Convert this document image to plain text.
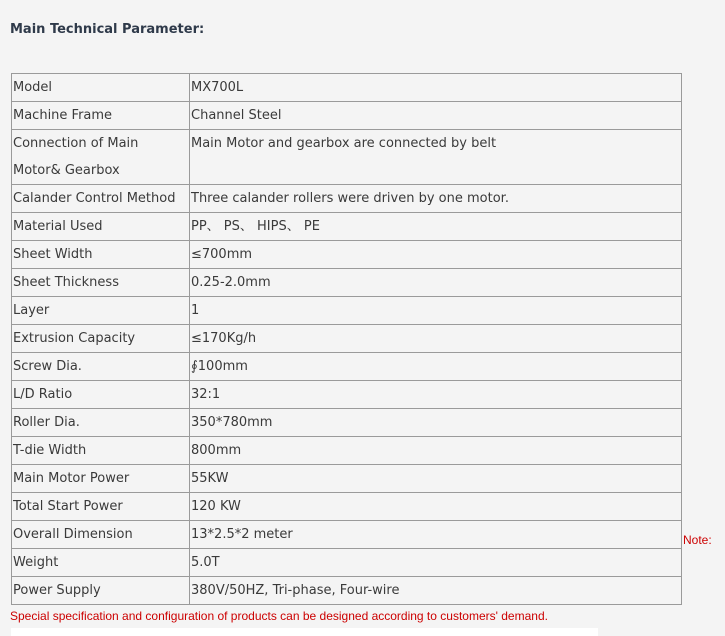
Main Technical Parameter:
Model	MX700L
Machine Frame	Channel Steel
Connection of Main Motor& Gearbox	Main Motor and gearbox are connected by belt
Calander Control Method	Three calander rollers were driven by one motor.
Material Used	PP、 PS、 HIPS、 PE
Sheet Width	≤700mm
Sheet Thickness	0.25-2.0mm
Layer	1
Extrusion Capacity	≤170Kg/h
Screw Dia.	∮100mm
L/D Ratio	32:1
Roller Dia.	350*780mm
T-die Width	800mm
Main Motor Power	55KW
Total Start Power	120 KW
Overall Dimension	13*2.5*2 meter
Weight	5.0T
Power Supply	380V/50HZ, Tri-phase, Four-wire
Note:
Special specification and configuration of products can be designed according to customers' demand.
